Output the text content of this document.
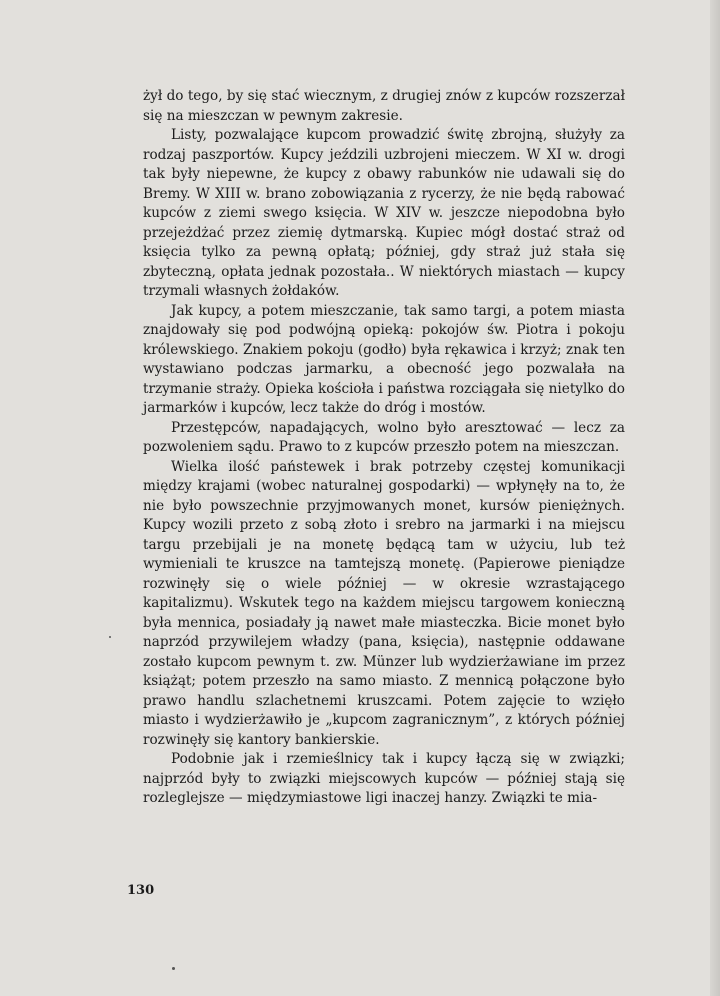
żył do tego, by się stać wiecznym, z drugiej znów z kupców rozszerzał się na mieszczan w pewnym zakresie.

Listy, pozwalające kupcom prowadzić świtę zbrojną, służyły za rodzaj paszportów. Kupcy jeździli uzbrojeni mieczem. W XI w. drogi tak były niepewne, że kupcy z obawy rabunków nie udawali się do Bremy. W XIII w. brano zobowiązania z rycerzy, że nie będą rabować kupców z ziemi swego księcia. W XIV w. jeszcze niepodobna było przejeżdżać przez ziemię dytmarską. Kupiec mógł dostać straż od księcia tylko za pewną opłatą; później, gdy straż już stała się zbyteczną, opłata jednak pozostała.. W niektórych miastach — kupcy trzymali własnych żołdaków.

Jak kupcy, a potem mieszczanie, tak samo targi, a potem miasta znajdowały się pod podwójną opieką: pokojów św. Piotra i pokoju królewskiego. Znakiem pokoju (godło) była rękawica i krzyż; znak ten wystawiano podczas jarmarku, a obecność jego pozwalała na trzymanie straży. Opieka kościoła i państwa rozciągała się nietylko do jarmarków i kupców, lecz także do dróg i mostów.

Przestępców, napadających, wolno było aresztować — lecz za pozwoleniem sądu. Prawo to z kupców przeszło potem na mieszczan.

Wielka ilość państewek i brak potrzeby częstej komunikacji między krajami (wobec naturalnej gospodarki) — wpłynęły na to, że nie było powszechnie przyjmowanych monet, kursów pieniężnych. Kupcy wozili przeto z sobą złoto i srebro na jarmarki i na miejscu targu przebijali je na monetę będącą tam w użyciu, lub też wymieniali te kruszce na tamtejszą monetę. (Papierowe pieniądze rozwinęły się o wiele później — w okresie wzrastającego kapitalizmu). Wskutek tego na każdem miejscu targowem konieczną była mennica, posiadały ją nawet małe miasteczka. Bicie monet było naprzód przywilejem władzy (pana, księcia), następnie oddawane zostało kupcom pewnym t. zw. Münzer lub wydzierżawiane im przez książąt; potem przeszło na samo miasto. Z mennicą połączone było prawo handlu szlachetnemi kruszcami. Potem zajęcie to wzięło miasto i wydzierżawiło je „kupcom zagranicznym”, z których później rozwinęły się kantory bankierskie.

Podobnie jak i rzemieślnicy tak i kupcy łączą się w związki; najprzód były to związki miejscowych kupców — później stają się rozleglejsze — międzymiastowe ligi inaczej hanzy. Związki te mia-

130
